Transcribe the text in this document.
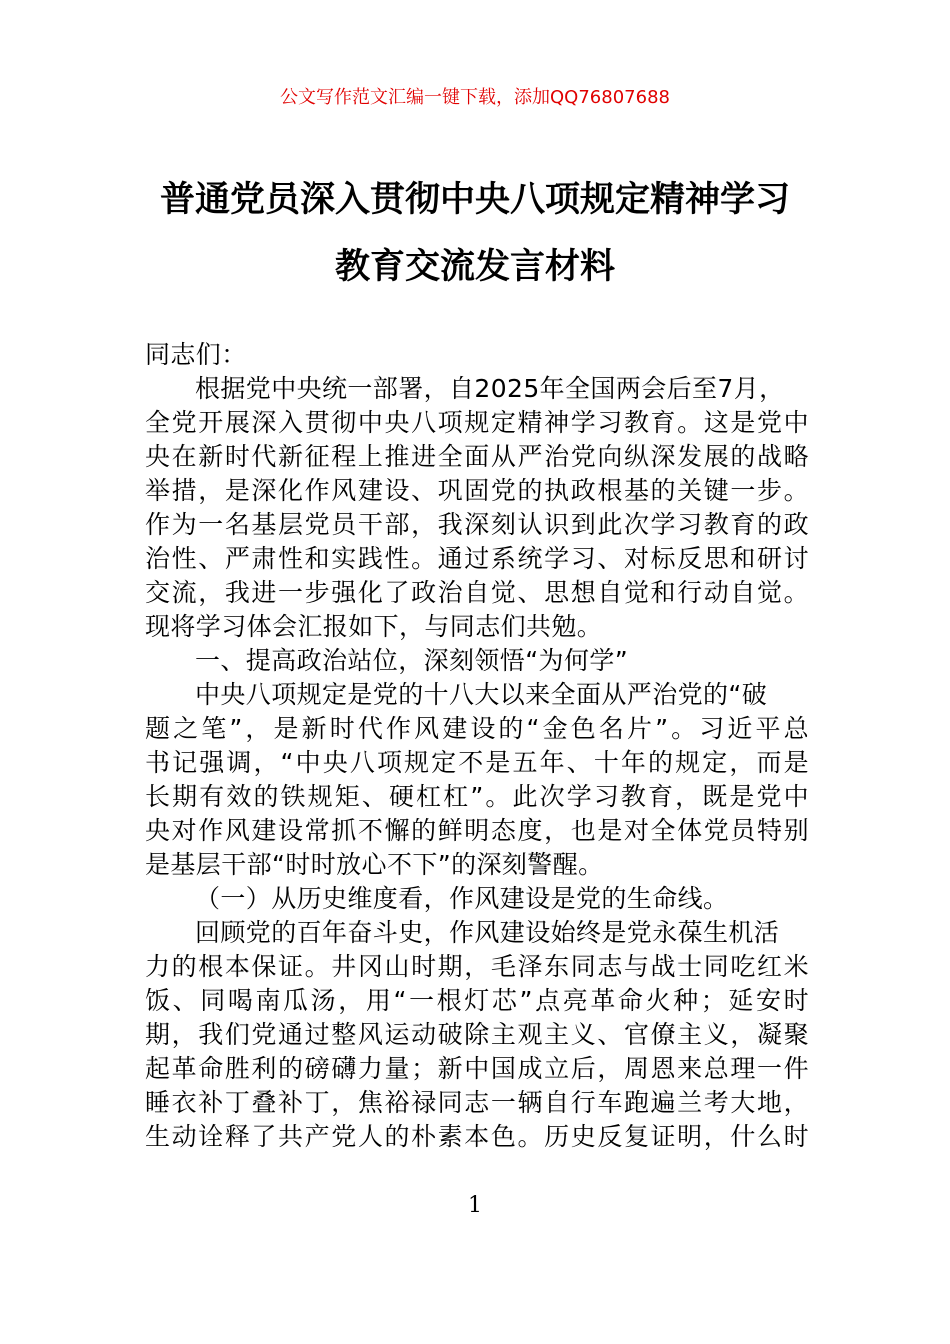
公文写作范文汇编一键下载，添加QQ76807688
普通党员深入贯彻中央八项规定精神学习
教育交流发言材料
同志们：
根据党中央统一部署，自2025年全国两会后至7月，
全党开展深入贯彻中央八项规定精神学习教育。这是党中
央在新时代新征程上推进全面从严治党向纵深发展的战略
举措，是深化作风建设、巩固党的执政根基的关键一步。
作为一名基层党员干部，我深刻认识到此次学习教育的政
治性、严肃性和实践性。通过系统学习、对标反思和研讨
交流，我进一步强化了政治自觉、思想自觉和行动自觉。
现将学习体会汇报如下，与同志们共勉。
一、提高政治站位，深刻领悟“为何学”
中央八项规定是党的十八大以来全面从严治党的“破
题之笔”，是新时代作风建设的“金色名片”。习近平总
书记强调，“中央八项规定不是五年、十年的规定，而是
长期有效的铁规矩、硬杠杠”。此次学习教育，既是党中
央对作风建设常抓不懈的鲜明态度，也是对全体党员特别
是基层干部“时时放心不下”的深刻警醒。
（一）从历史维度看，作风建设是党的生命线。
回顾党的百年奋斗史，作风建设始终是党永葆生机活
力的根本保证。井冈山时期，毛泽东同志与战士同吃红米
饭、同喝南瓜汤，用“一根灯芯”点亮革命火种；延安时
期，我们党通过整风运动破除主观主义、官僚主义，凝聚
起革命胜利的磅礴力量；新中国成立后，周恩来总理一件
睡衣补丁叠补丁，焦裕禄同志一辆自行车跑遍兰考大地，
生动诠释了共产党人的朴素本色。历史反复证明，什么时
1
